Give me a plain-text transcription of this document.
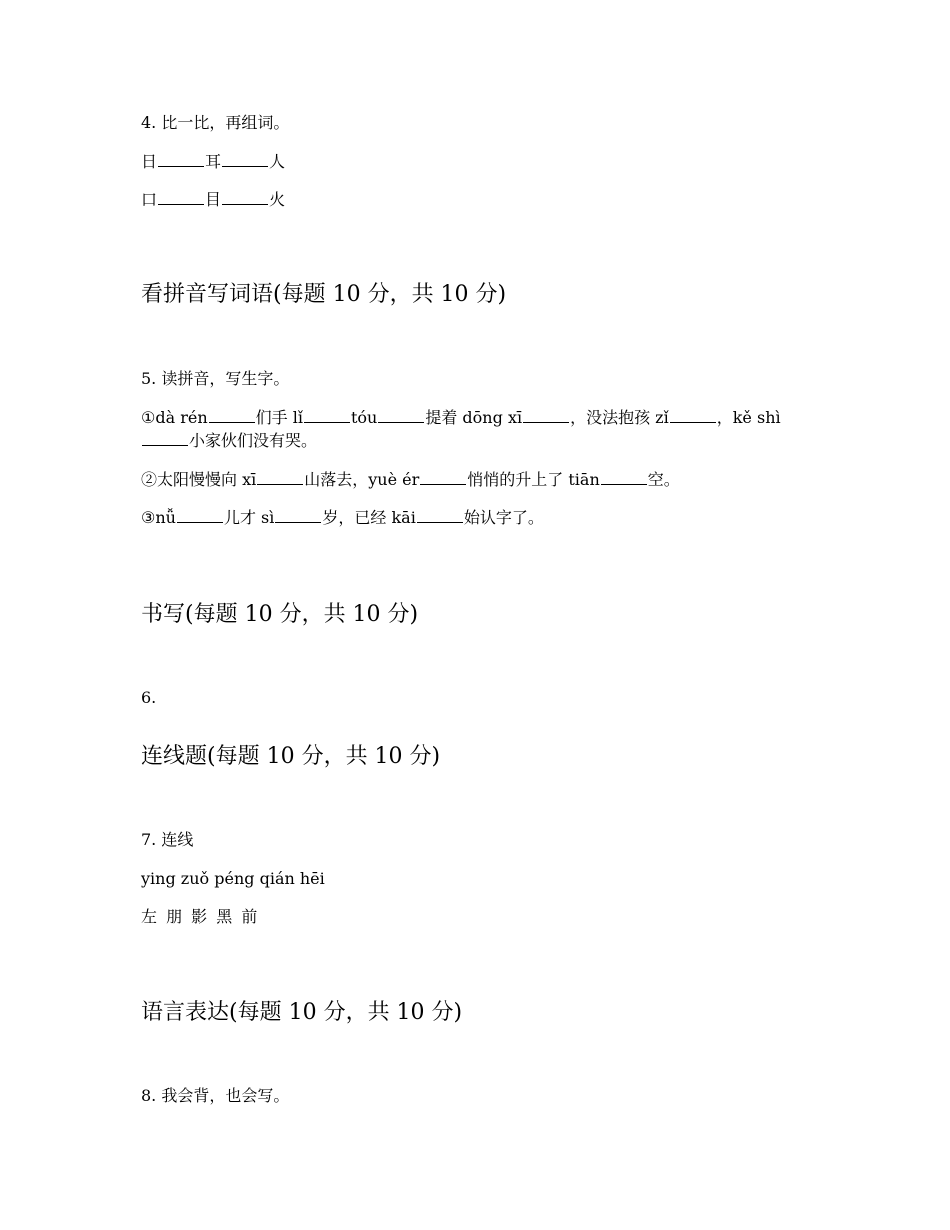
4. 比一比，再组词。
日	耳	人
口	目	火
看拼音写词语(每题 10 分，共 10 分)
5. 读拼音，写生字。
①dà rén	们手 lǐ	tóu	提着 dōng xī	，没法抱孩 zǐ	，kě shì小家伙们没有哭。
②太阳慢慢向 xī	山落去，yuè ér	悄悄的升上了 tiān	空。
③nǚ	儿才 sì	岁，已经 kāi	始认字了。
书写(每题 10 分，共 10 分)
6.
连线题(每题 10 分，共 10 分)
7. 连线
ying zuǒ péng qián hēi
左 朋 影 黑 前
语言表达(每题 10 分，共 10 分)
8. 我会背，也会写。
